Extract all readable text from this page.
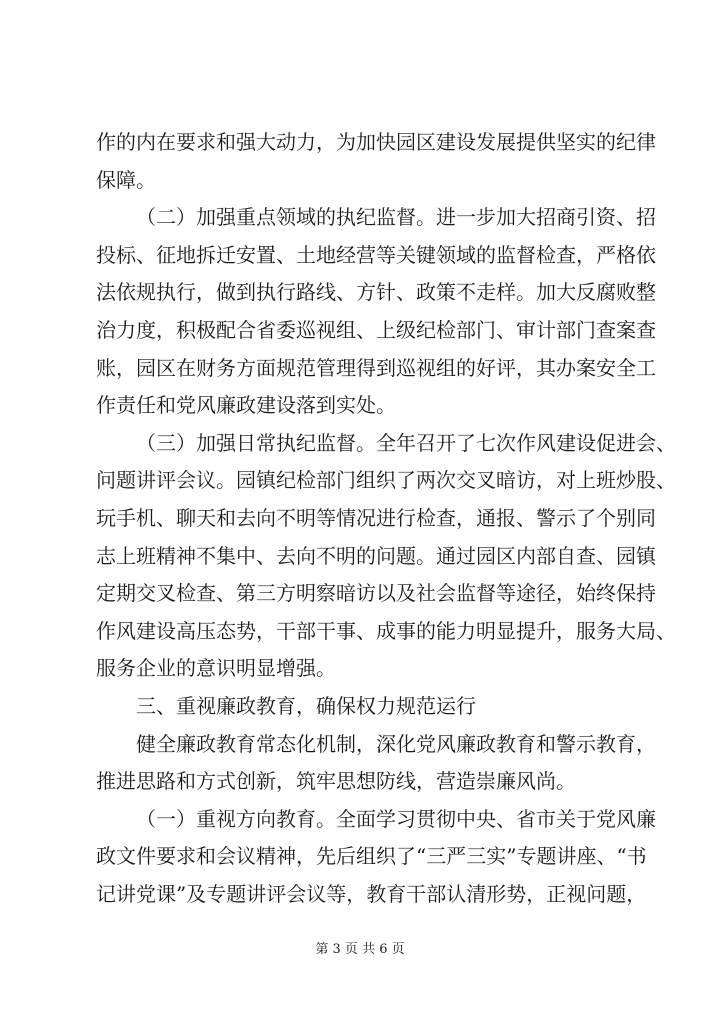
作的内在要求和强大动力，为加快园区建设发展提供坚实的纪律
保障。
（二）加强重点领域的执纪监督。进一步加大招商引资、招
投标、征地拆迁安置、土地经营等关键领域的监督检查，严格依
法依规执行，做到执行路线、方针、政策不走样。加大反腐败整
治力度，积极配合省委巡视组、上级纪检部门、审计部门查案查
账，园区在财务方面规范管理得到巡视组的好评，其办案安全工
作责任和党风廉政建设落到实处。
（三）加强日常执纪监督。全年召开了七次作风建设促进会、
问题讲评会议。园镇纪检部门组织了两次交叉暗访，对上班炒股、
玩手机、聊天和去向不明等情况进行检查，通报、警示了个别同
志上班精神不集中、去向不明的问题。通过园区内部自查、园镇
定期交叉检查、第三方明察暗访以及社会监督等途径，始终保持
作风建设高压态势，干部干事、成事的能力明显提升，服务大局、
服务企业的意识明显增强。
三、重视廉政教育，确保权力规范运行
健全廉政教育常态化机制，深化党风廉政教育和警示教育，
推进思路和方式创新，筑牢思想防线，营造崇廉风尚。
（一）重视方向教育。全面学习贯彻中央、省市关于党风廉
政文件要求和会议精神，先后组织了“三严三实”专题讲座、“书
记讲党课”及专题讲评会议等，教育干部认清形势，正视问题，
第 3 页 共 6 页
